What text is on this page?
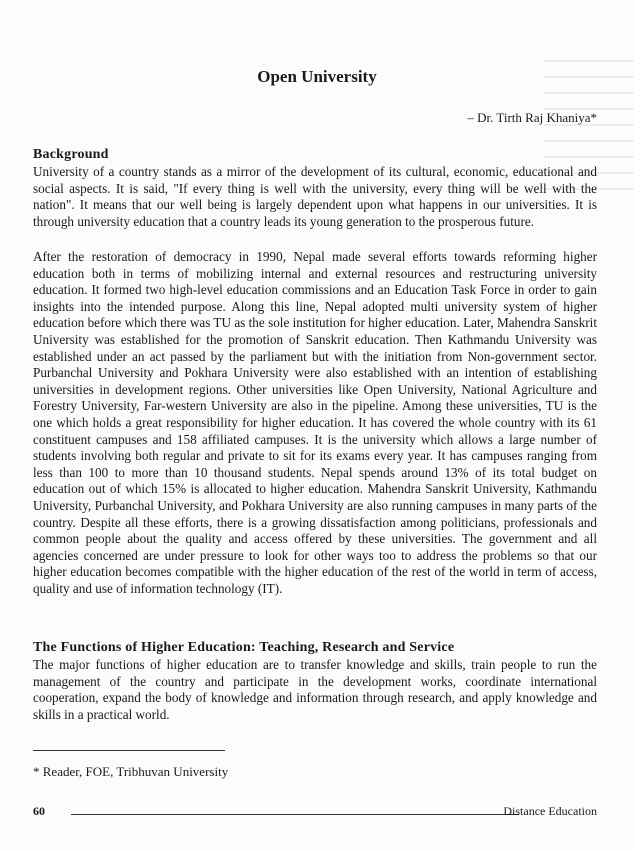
Open University
– Dr. Tirth Raj Khaniya*
Background

University of a country stands as a mirror of the development of its cultural, economic, educational and social aspects. It is said, "If every thing is well with the university, every thing will be well with the nation". It means that our well being is largely dependent upon what happens in our universities. It is through university education that a country leads its young generation to the prosperous future.

After the restoration of democracy in 1990, Nepal made several efforts towards reforming higher education both in terms of mobilizing internal and external resources and restructuring university education. It formed two high-level education commissions and an Education Task Force in order to gain insights into the intended purpose. Along this line, Nepal adopted multi university system of higher education before which there was TU as the sole institution for higher education. Later, Mahendra Sanskrit University was established for the promotion of Sanskrit education. Then Kathmandu University was established under an act passed by the parliament but with the initiation from Non-government sector. Purbanchal University and Pokhara University were also established with an intention of establishing universities in development regions. Other universities like Open University, National Agriculture and Forestry University, Far-western University are also in the pipeline. Among these universities, TU is the one which holds a great responsibility for higher education. It has covered the whole country with its 61 constituent campuses and 158 affiliated campuses. It is the university which allows a large number of students involving both regular and private to sit for its exams every year. It has campuses ranging from less than 100 to more than 10 thousand students. Nepal spends around 13% of its total budget on education out of which 15% is allocated to higher education. Mahendra Sanskrit University, Kathmandu University, Purbanchal University, and Pokhara University are also running campuses in many parts of the country. Despite all these efforts, there is a growing dissatisfaction among politicians, professionals and common people about the quality and access offered by these universities. The government and all agencies concerned are under pressure to look for other ways too to address the problems so that our higher education becomes compatible with the higher education of the rest of the world in term of access, quality and use of information technology (IT).

The Functions of Higher Education: Teaching, Research and Service

The major functions of higher education are to transfer knowledge and skills, train people to run the management of the country and participate in the development works, coordinate international cooperation, expand the body of knowledge and information through research, and apply knowledge and skills in a practical world.

* Reader, FOE, Tribhuvan University
60	Distance Education
